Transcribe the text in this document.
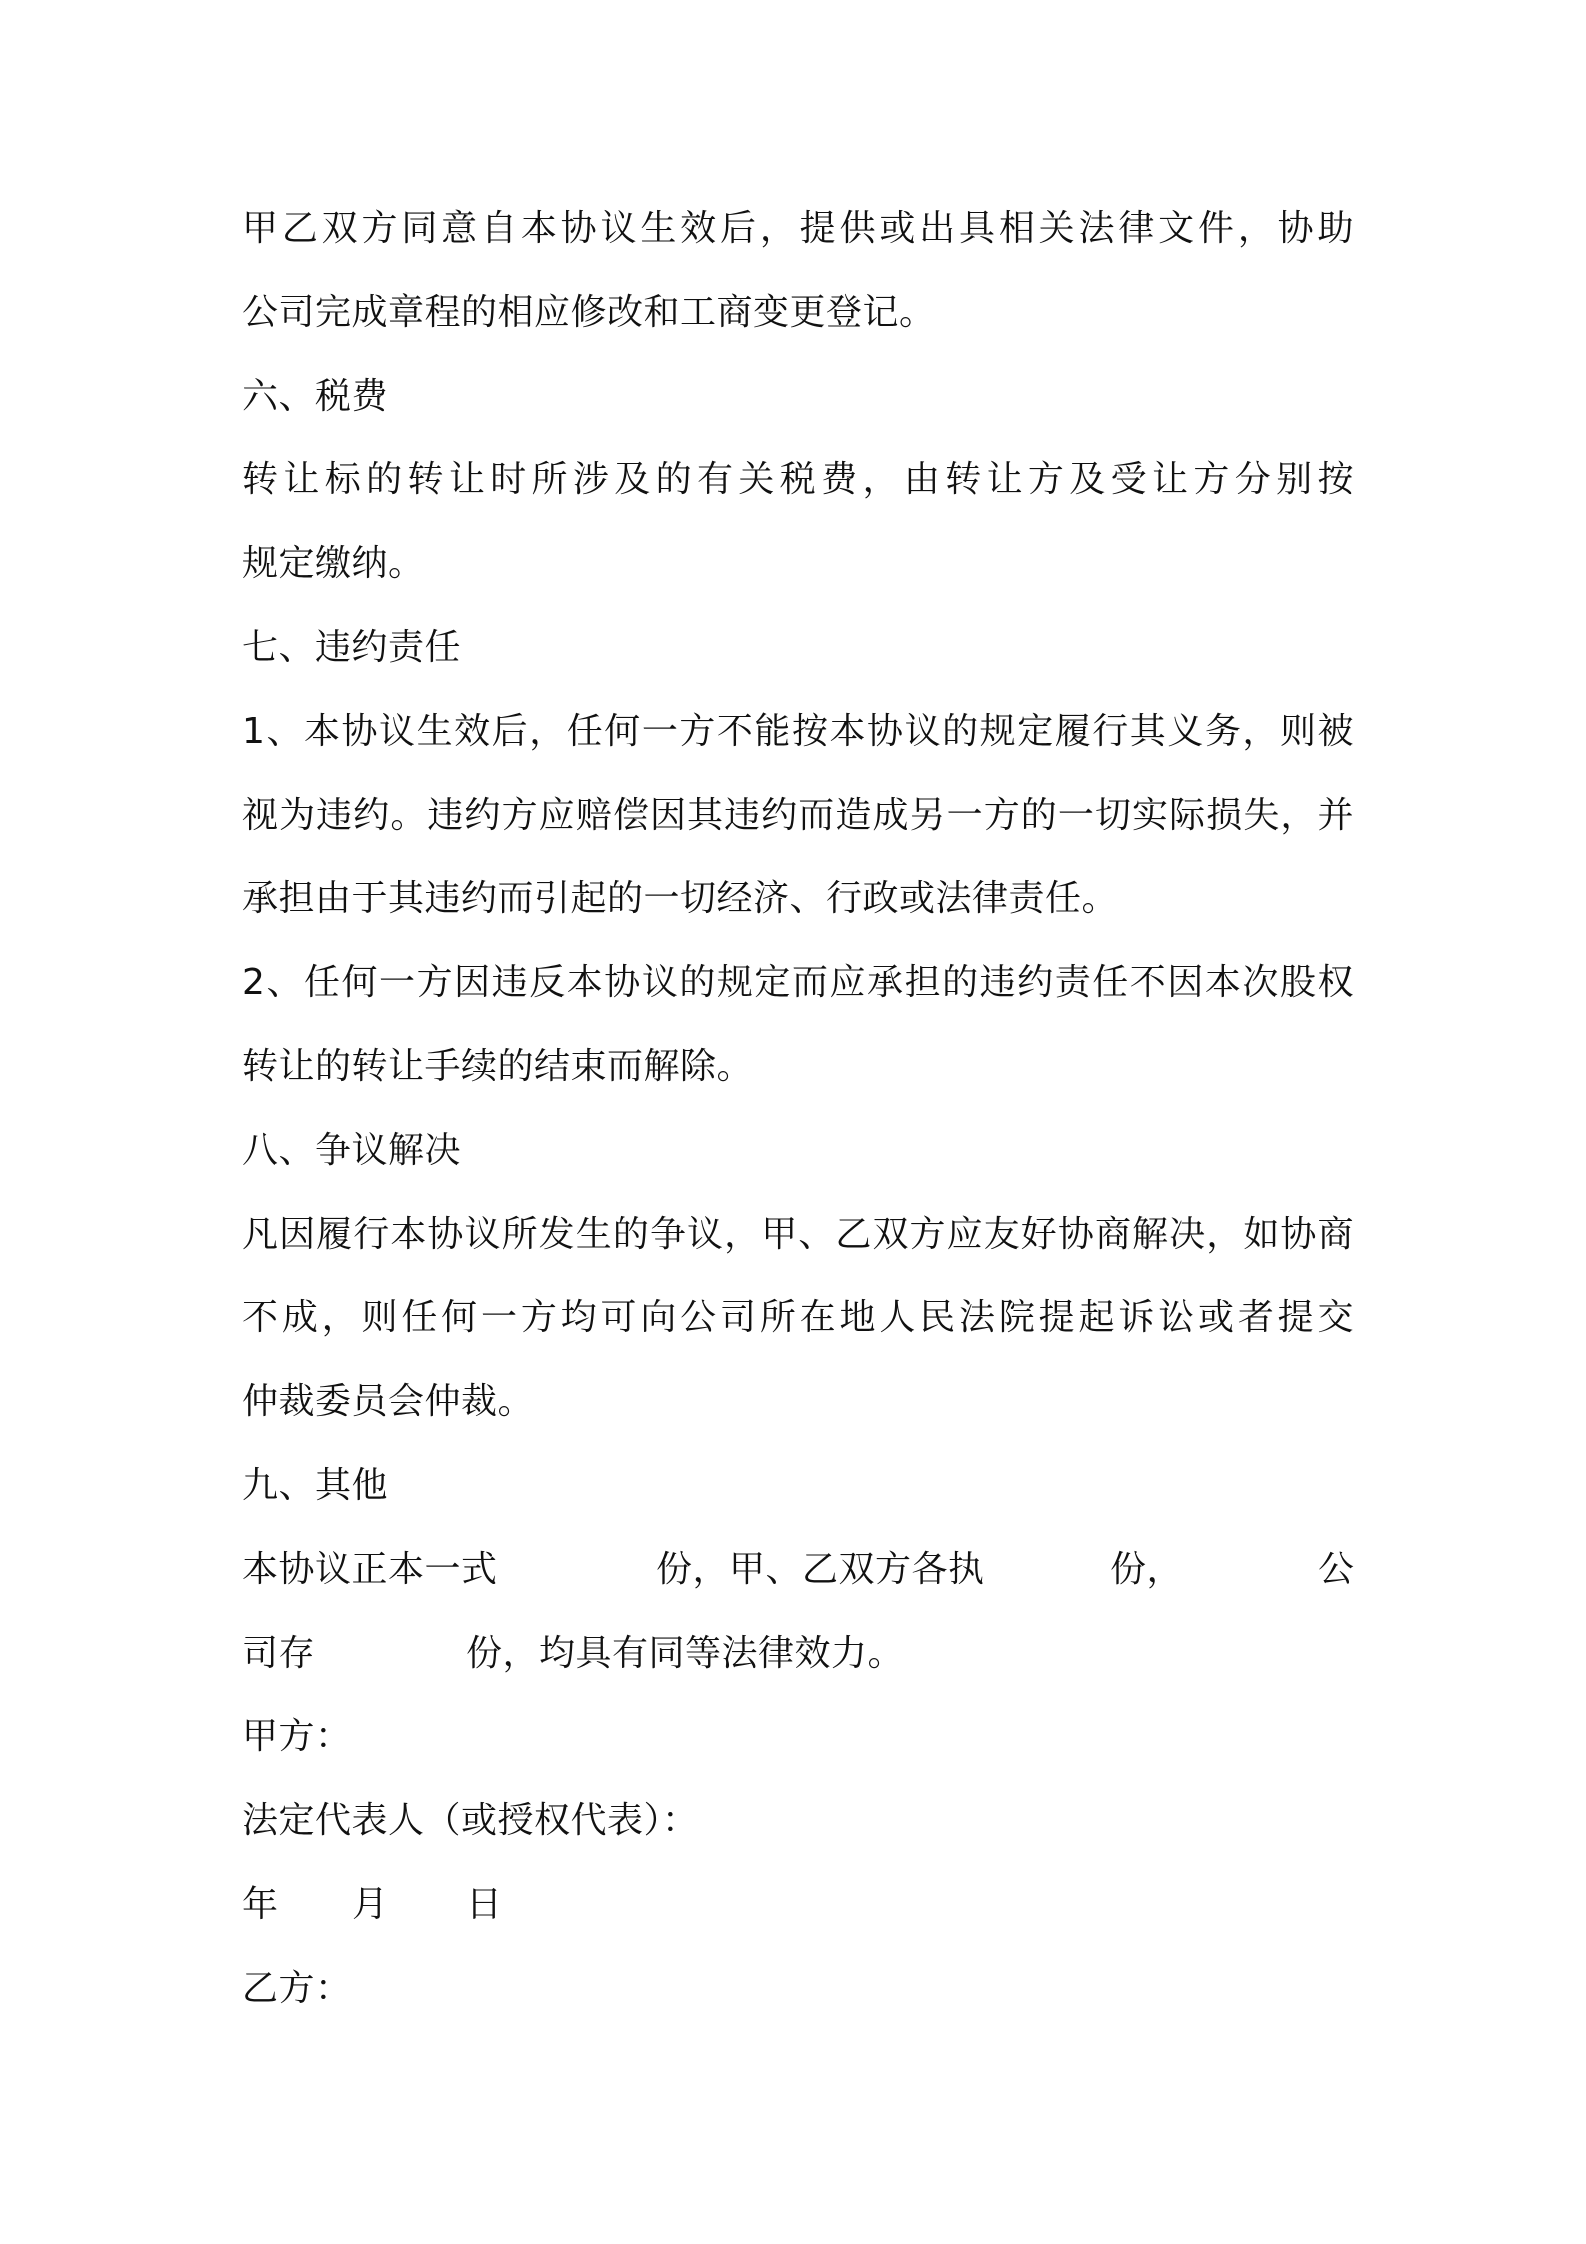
甲乙双方同意自本协议生效后，提供或出具相关法律文件，协助
公司完成章程的相应修改和工商变更登记。
六、税费
转让标的转让时所涉及的有关税费，由转让方及受让方分别按
规定缴纳。
七、违约责任
1、本协议生效后，任何一方不能按本协议的规定履行其义务，则被
视为违约。违约方应赔偿因其违约而造成另一方的一切实际损失，并
承担由于其违约而引起的一切经济、行政或法律责任。
2、任何一方因违反本协议的规定而应承担的违约责任不因本次股权
转让的转让手续的结束而解除。
八、争议解决
凡因履行本协议所发生的争议，甲、乙双方应友好协商解决，如协商
不成，则任何一方均可向公司所在地人民法院提起诉讼或者提交
仲裁委员会仲裁。
九、其他
本协议正本一式	份，甲、乙双方各执	份，	公
司存	份，均具有同等法律效力。
甲方：
法定代表人（或授权代表）：
年 月 日
乙方：
